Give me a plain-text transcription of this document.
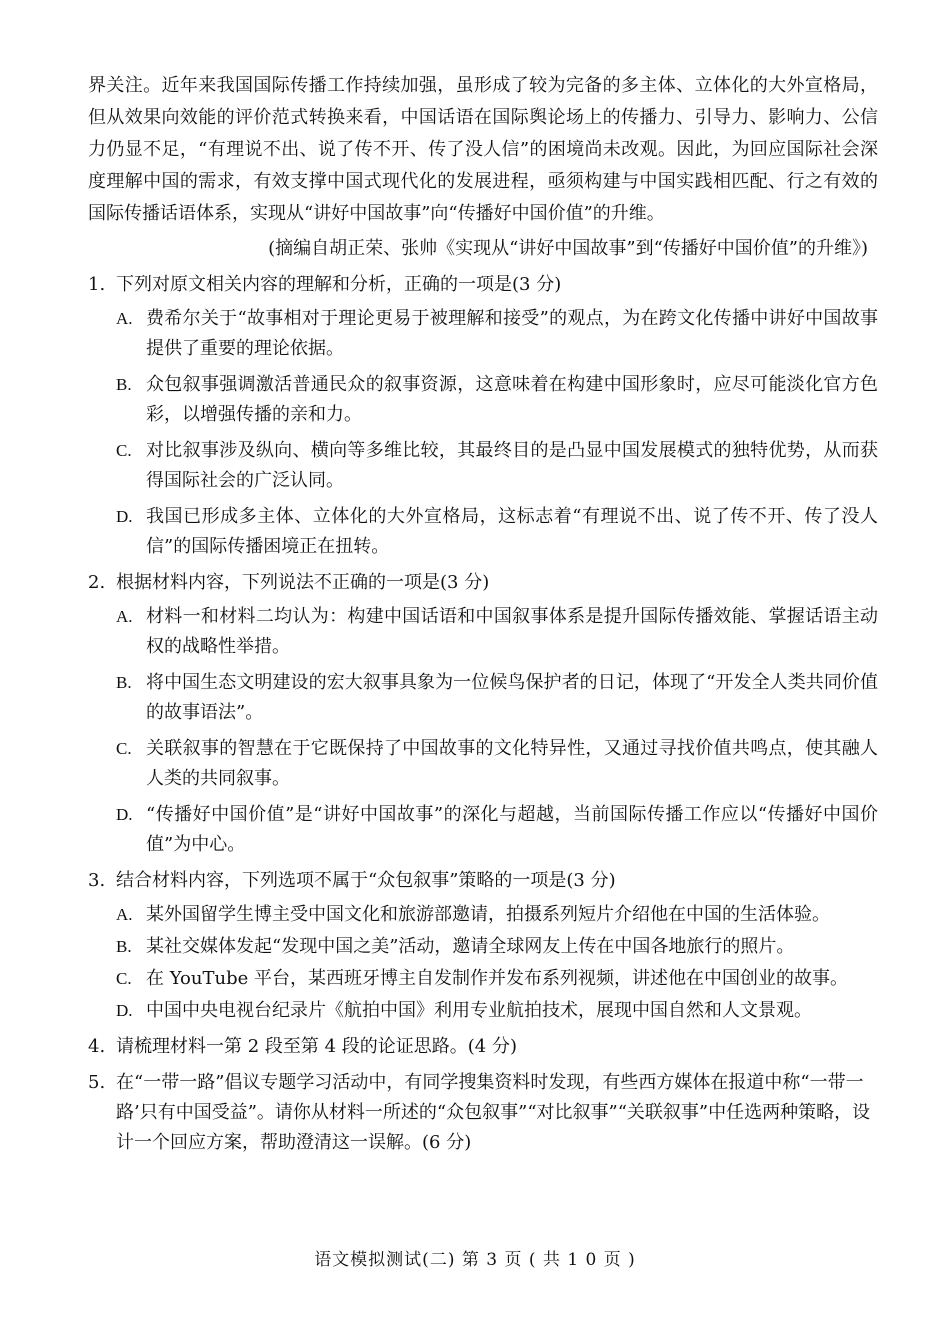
界关注。近年来我国国际传播工作持续加强，虽形成了较为完备的多主体、立体化的大外宣格局，但从效果向效能的评价范式转换来看，中国话语在国际舆论场上的传播力、引导力、影响力、公信力仍显不足，“有理说不出、说了传不开、传了没人信”的困境尚未改观。因此，为回应国际社会深度理解中国的需求，有效支撑中国式现代化的发展进程，亟须构建与中国实践相匹配、行之有效的国际传播话语体系，实现从“讲好中国故事”向“传播好中国价值”的升维。
(摘编自胡正荣、张帅《实现从“讲好中国故事”到“传播好中国价值”的升维》)
1. 下列对原文相关内容的理解和分析，正确的一项是(3 分)
A. 费希尔关于“故事相对于理论更易于被理解和接受”的观点，为在跨文化传播中讲好中国故事提供了重要的理论依据。
B. 众包叙事强调激活普通民众的叙事资源，这意味着在构建中国形象时，应尽可能淡化官方色彩，以增强传播的亲和力。
C. 对比叙事涉及纵向、横向等多维比较，其最终目的是凸显中国发展模式的独特优势，从而获得国际社会的广泛认同。
D. 我国已形成多主体、立体化的大外宣格局，这标志着“有理说不出、说了传不开、传了没人信”的国际传播困境正在扭转。
2. 根据材料内容，下列说法不正确的一项是(3 分)
A. 材料一和材料二均认为：构建中国话语和中国叙事体系是提升国际传播效能、掌握话语主动权的战略性举措。
B. 将中国生态文明建设的宏大叙事具象为一位候鸟保护者的日记，体现了“开发全人类共同价值的故事语法”。
C. 关联叙事的智慧在于它既保持了中国故事的文化特异性，又通过寻找价值共鸣点，使其融人人类的共同叙事。
D. “传播好中国价值”是“讲好中国故事”的深化与超越，当前国际传播工作应以“传播好中国价值”为中心。
3. 结合材料内容，下列选项不属于“众包叙事”策略的一项是(3 分)
A. 某外国留学生博主受中国文化和旅游部邀请，拍摄系列短片介绍他在中国的生活体验。
B. 某社交媒体发起“发现中国之美”活动，邀请全球网友上传在中国各地旅行的照片。
C. 在 YouTube 平台，某西班牙博主自发制作并发布系列视频，讲述他在中国创业的故事。
D. 中国中央电视台纪录片《航拍中国》利用专业航拍技术，展现中国自然和人文景观。
4. 请梳理材料一第 2 段至第 4 段的论证思路。(4 分)
5. 在“一带一路”倡议专题学习活动中，有同学搜集资料时发现，有些西方媒体在报道中称“一带一路’只有中国受益”。请你从材料一所述的“众包叙事”“对比叙事”“关联叙事”中任选两种策略，设计一个回应方案，帮助澄清这一误解。(6 分)
语文模拟测试(二) 第 3 页 ( 共 1 0 页 )
